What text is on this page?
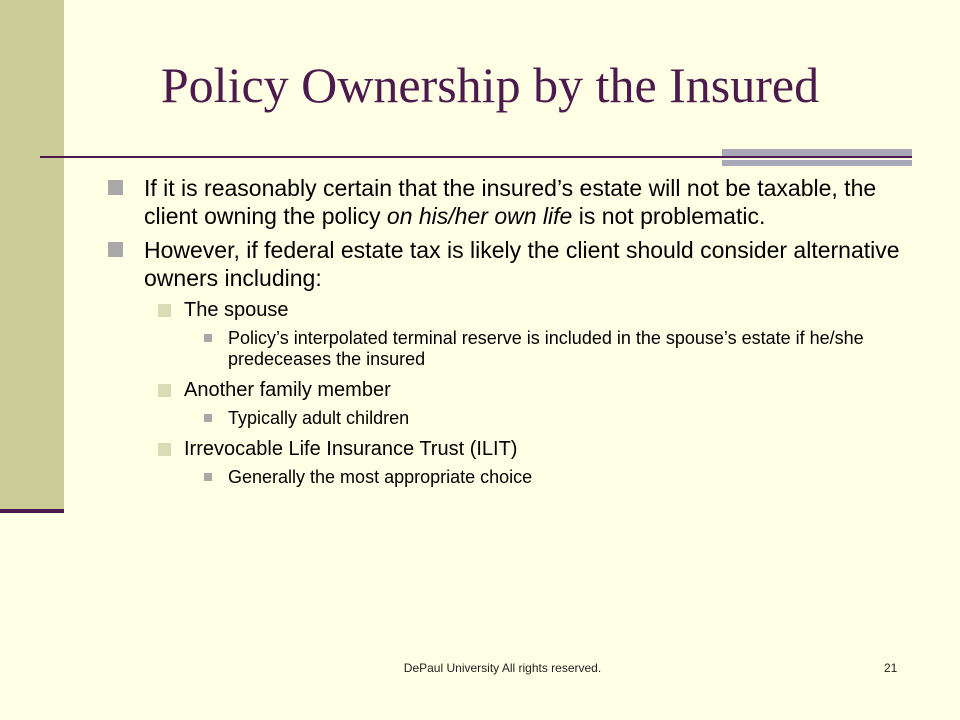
Policy Ownership by the Insured
If it is reasonably certain that the insured’s estate will not be taxable, the client owning the policy on his/her own life is not problematic.
However, if federal estate tax is likely the client should consider alternative owners including:
The spouse
Policy’s interpolated terminal reserve is included in the spouse’s estate if he/she predeceases the insured
Another family member
Typically adult children
Irrevocable Life Insurance Trust (ILIT)
Generally the most appropriate choice
DePaul University All rights reserved.	21
